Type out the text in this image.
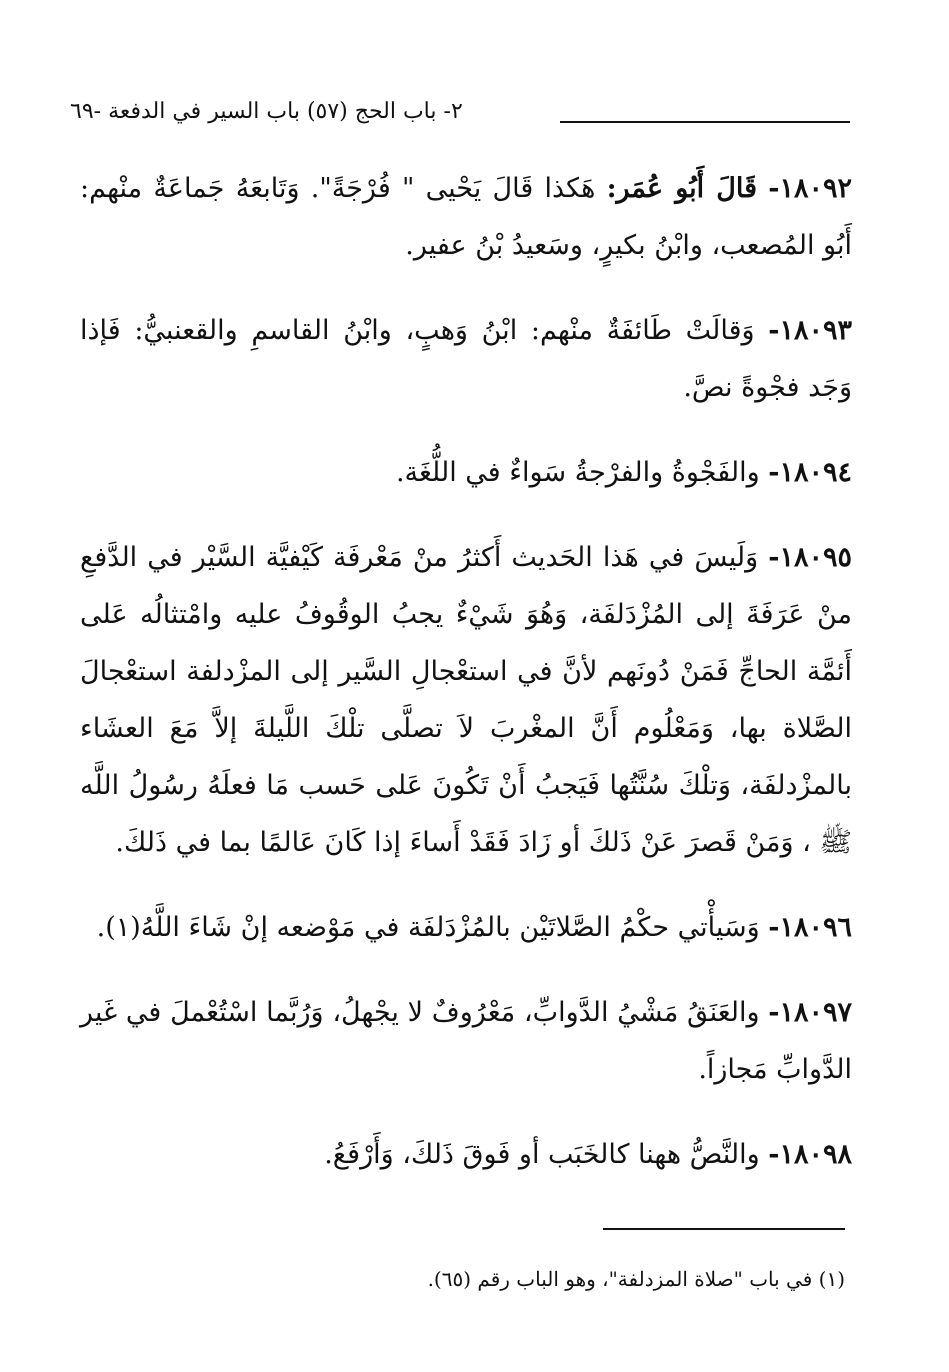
٢- باب الحج (٥٧) باب السير في الدفعة -٦٩

١٨٠٩٢- قَالَ أَبُو عُمَر: هَكذا قَالَ يَحْيى " فُرْجَةً". وَتَابعَهُ جَماعَةٌ منْهم: أَبُو المُصعب، وابْنُ بكيرٍ، وسَعيدُ بْنُ عفير.

١٨٠٩٣- وَقالَتْ طَائفَةٌ منْهم: ابْنُ وَهبٍ، وابْنُ القاسمِ والقعنبيُّ: فَإذا وَجَد فجْوةً نصَّ.

١٨٠٩٤- والفَجْوةُ والفرْجةُ سَواءٌ في اللُّغَة.

١٨٠٩٥- وَلَيسَ في هَذا الحَديث أَكثرُ منْ مَعْرفَة كَيْفيَّة السَّيْر في الدَّفعِ منْ عَرَفَةَ إلى المُزْدَلفَة، وَهُوَ شَيْءٌ يجبُ الوقُوفُ عليه وامْتثالُه عَلى أَئمَّة الحاجِّ فَمَنْ دُونَهم لأنَّ في استعْجالِ السَّير إلى المزْدلفة استعْجالَ الصَّلاة بها، وَمَعْلُوم أَنَّ المغْربَ لاَ تصلَّى تلْكَ اللَّيلةَ إلاَّ مَعَ العشَاء بالمزْدلفَة، وَتلْكَ سُنَّتُها فَيَجبُ أَنْ تَكُونَ عَلى حَسب مَا فعلَهُ رسُولُ اللَّه ﷺ ، وَمَنْ قَصرَ عَنْ ذَلكَ أو زَادَ فَقَدْ أَساءَ إذا كَانَ عَالمًا بما في ذَلكَ.

١٨٠٩٦- وَسَيأْتي حكْمُ الصَّلاتَيْن بالمُزْدَلفَة في مَوْضعه إنْ شَاءَ اللَّهُ(١).

١٨٠٩٧- والعَنَقُ مَشْيُ الدَّوابِّ، مَعْرُوفٌ لا يجْهلُ، وَرُبَّما اسْتُعْملَ في غَير الدَّوابِّ مَجازاً.

١٨٠٩٨- والنَّصُّ ههنا كالخَبَب أو فَوقَ ذَلكَ، وَأَرْفَعُ.

(١) في باب "صلاة المزدلفة"، وهو الباب رقم (٦٥).
